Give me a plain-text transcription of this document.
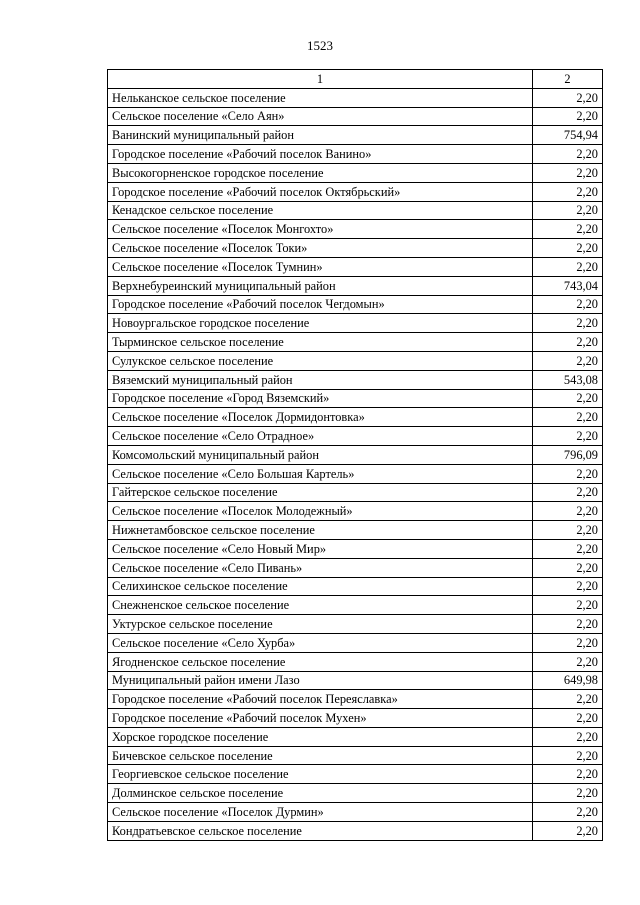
1523
1	2
Нельканское сельское поселение	2,20
Сельское поселение «Село Аян»	2,20
Ванинский муниципальный район	754,94
Городское поселение «Рабочий поселок Ванино»	2,20
Высокогорненское городское поселение	2,20
Городское поселение «Рабочий поселок Октябрьский»	2,20
Кенадское сельское поселение	2,20
Сельское поселение «Поселок Монгохто»	2,20
Сельское поселение «Поселок Токи»	2,20
Сельское поселение «Поселок Тумнин»	2,20
Верхнебуреинский муниципальный район	743,04
Городское поселение «Рабочий поселок Чегдомын»	2,20
Новоургальское городское поселение	2,20
Тырминское сельское поселение	2,20
Сулукское сельское поселение	2,20
Вяземский муниципальный район	543,08
Городское поселение «Город Вяземский»	2,20
Сельское поселение «Поселок Дормидонтовка»	2,20
Сельское поселение «Село Отрадное»	2,20
Комсомольский муниципальный район	796,09
Сельское поселение «Село Большая Картель»	2,20
Гайтерское сельское поселение	2,20
Сельское поселение «Поселок Молодежный»	2,20
Нижнетамбовское сельское поселение	2,20
Сельское поселение «Село Новый Мир»	2,20
Сельское поселение «Село Пивань»	2,20
Селихинское сельское поселение	2,20
Снежненское сельское поселение	2,20
Уктурское сельское поселение	2,20
Сельское поселение «Село Хурба»	2,20
Ягодненское сельское поселение	2,20
Муниципальный район имени Лазо	649,98
Городское поселение «Рабочий поселок Переяславка»	2,20
Городское поселение «Рабочий поселок Мухен»	2,20
Хорское городское поселение	2,20
Бичевское сельское поселение	2,20
Георгиевское сельское поселение	2,20
Долминское сельское поселение	2,20
Сельское поселение «Поселок Дурмин»	2,20
Кондратьевское сельское поселение	2,20
